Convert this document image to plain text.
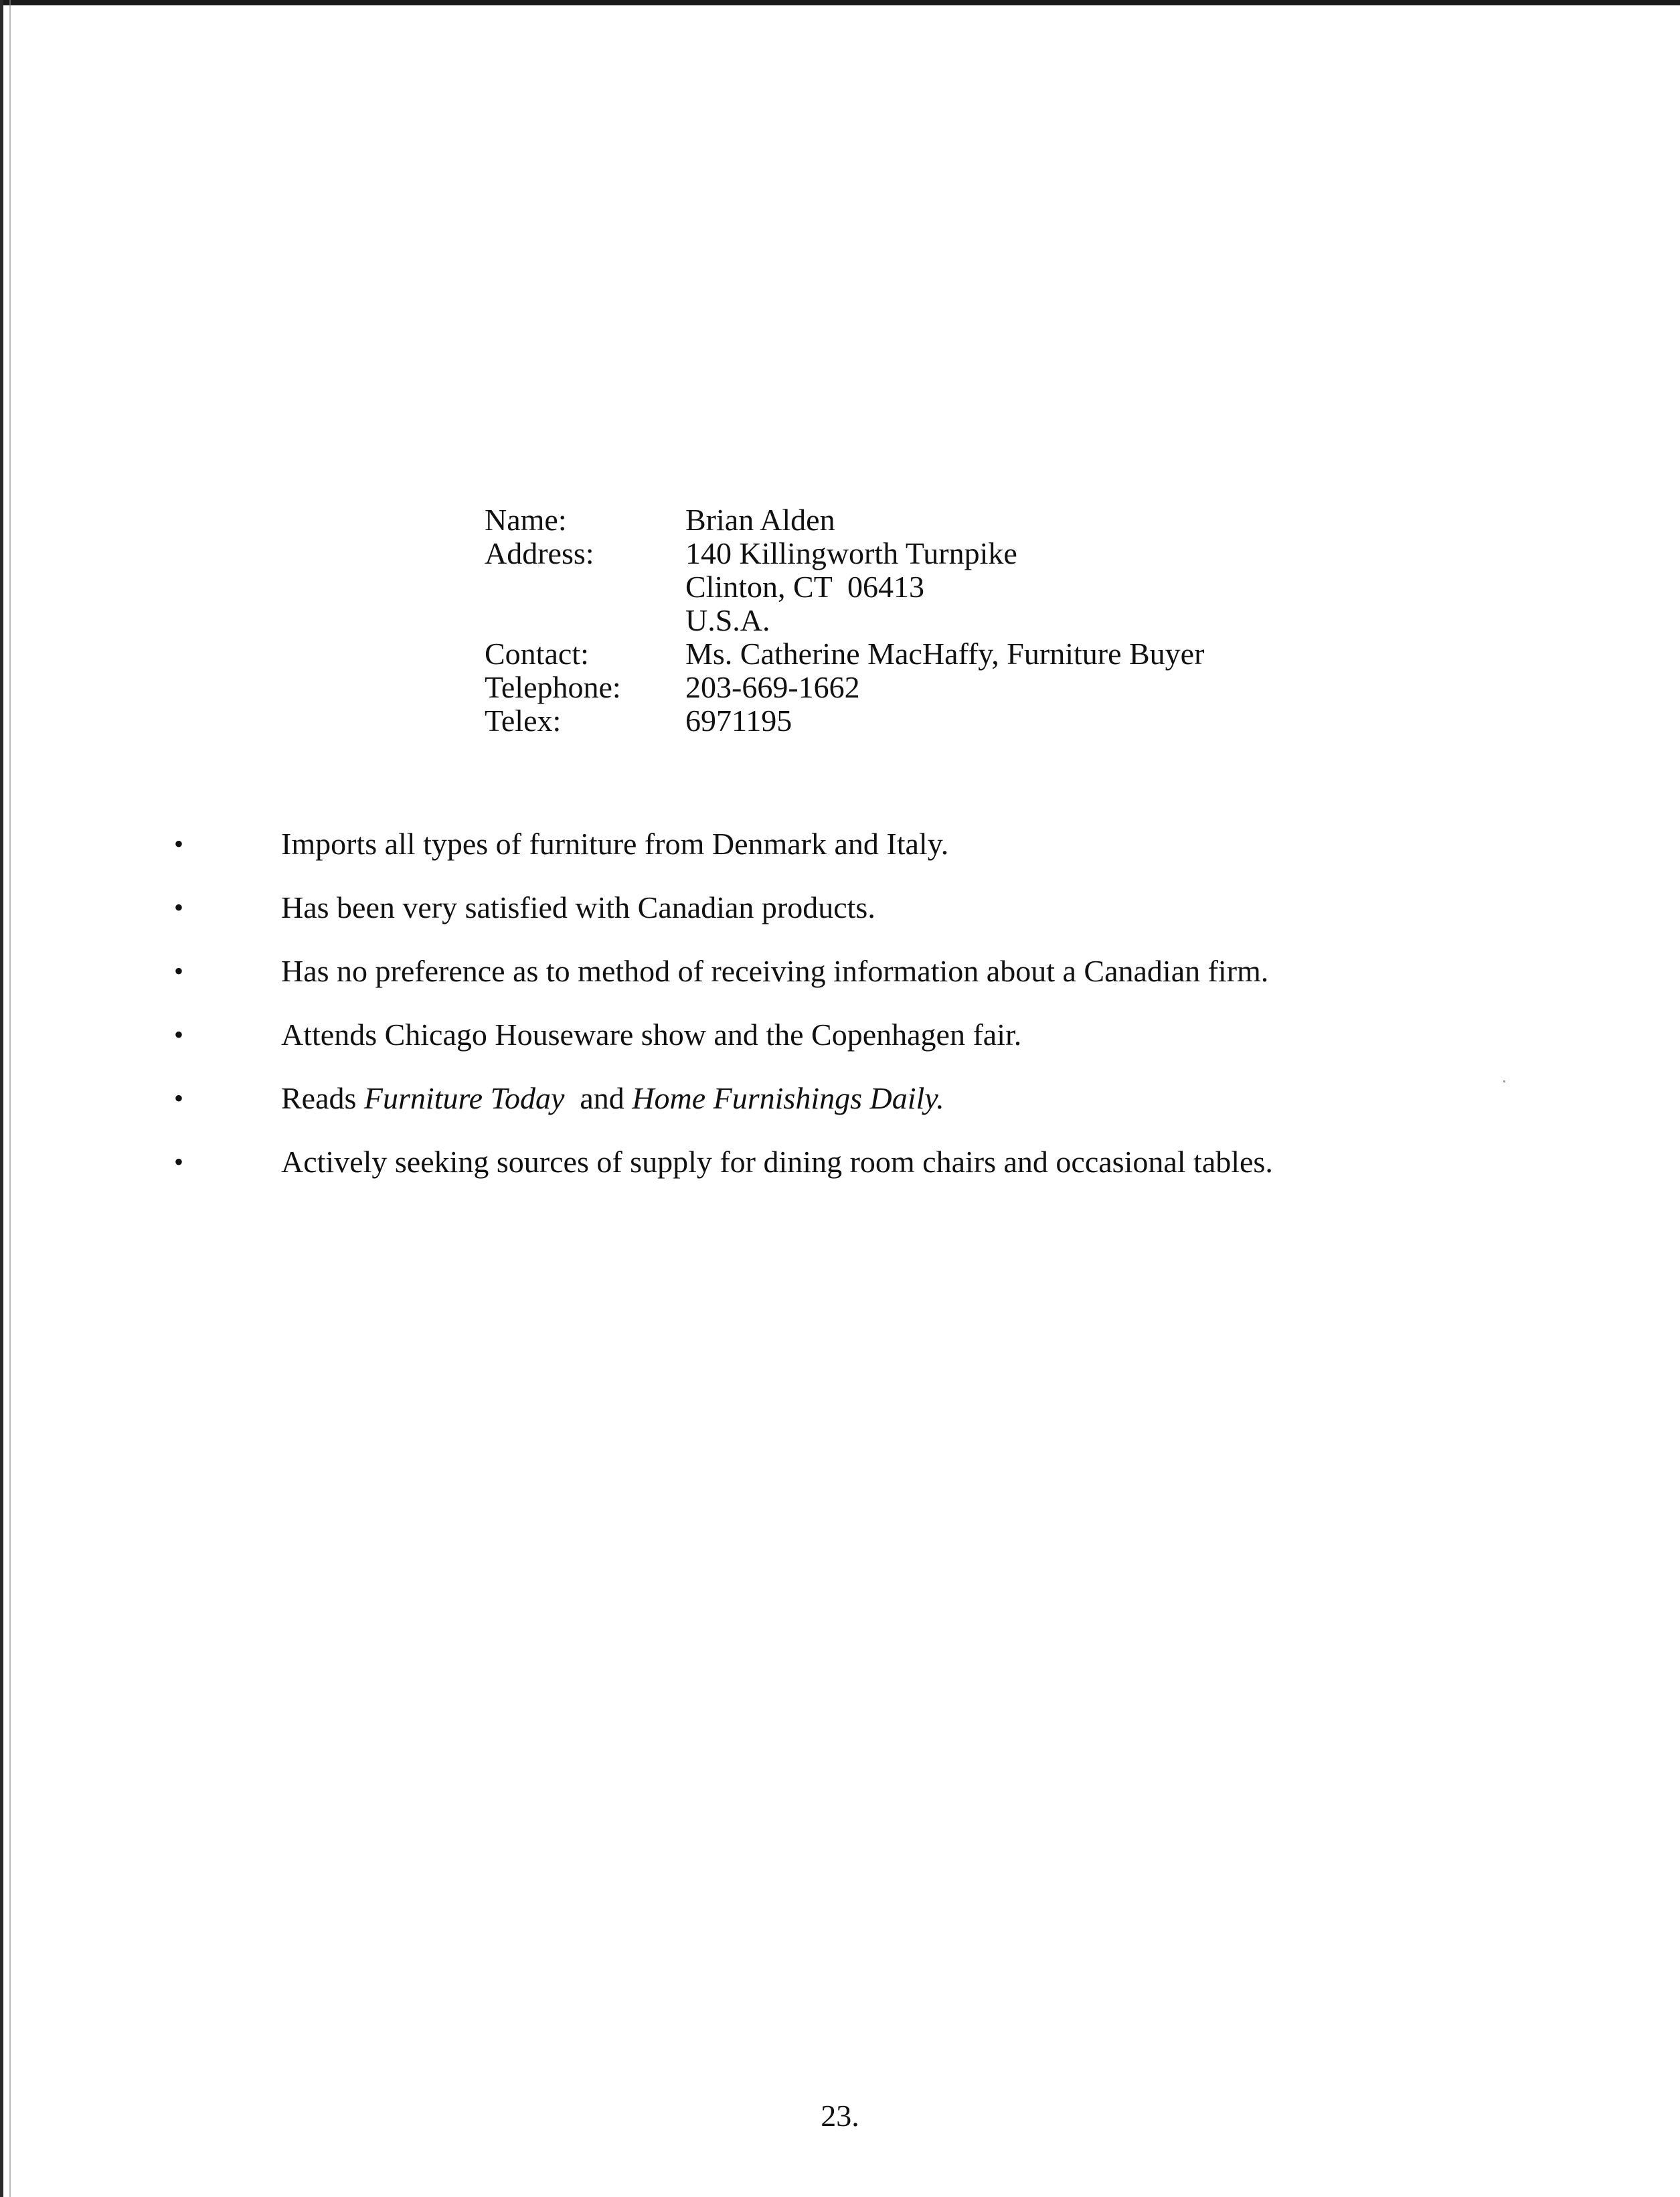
Name:	Brian Alden
Address:	140 Killingworth Turnpike
Clinton, CT  06413
U.S.A.
Contact:	Ms. Catherine MacHaffy, Furniture Buyer
Telephone:	203-669-1662
Telex:	6971195
•	Imports all types of furniture from Denmark and Italy.
•	Has been very satisfied with Canadian products.
•	Has no preference as to method of receiving information about a Canadian firm.
•	Attends Chicago Houseware show and the Copenhagen fair.
•	Reads Furniture Today  and Home Furnishings Daily.
•	Actively seeking sources of supply for dining room chairs and occasional tables.
23.
